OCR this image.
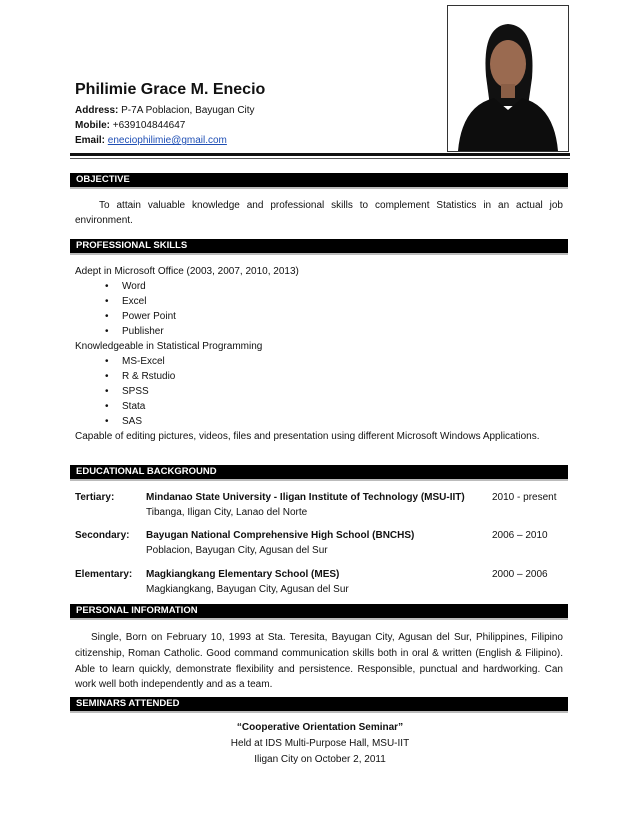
Philimie Grace M. Enecio
Address: P-7A Poblacion, Bayugan City
Mobile: +639104844647
Email: eneciophilimie@gmail.com
OBJECTIVE
To attain valuable knowledge and professional skills to complement Statistics in an actual job environment.
PROFESSIONAL SKILLS
Adept in Microsoft Office (2003, 2007, 2010, 2013)
• Word
• Excel
• Power Point
• Publisher
Knowledgeable in Statistical Programming
• MS-Excel
• R & Rstudio
• SPSS
• Stata
• SAS
Capable of editing pictures, videos, files and presentation using different Microsoft Windows Applications.
EDUCATIONAL BACKGROUND
Tertiary:	Mindanao State University - Iligan Institute of Technology (MSU-IIT)
Tibanga, Iligan City, Lanao del Norte
2010 - present
Secondary: Bayugan National Comprehensive High School (BNCHS)
Poblacion, Bayugan City, Agusan del Sur
2006 – 2010
Elementary: Magkiangkang Elementary School (MES)
Magkiangkang, Bayugan City, Agusan del Sur
2000 – 2006
PERSONAL INFORMATION
Single, Born on February 10, 1993 at Sta. Teresita, Bayugan City, Agusan del Sur, Philippines, Filipino citizenship, Roman Catholic. Good command communication skills both in oral & written (English & Filipino). Able to learn quickly, demonstrate flexibility and persistence. Responsible, punctual and hardworking. Can work well both independently and as a team.
SEMINARS ATTENDED
“Cooperative Orientation Seminar”
Held at IDS Multi-Purpose Hall, MSU-IIT
Iligan City on October 2, 2011
